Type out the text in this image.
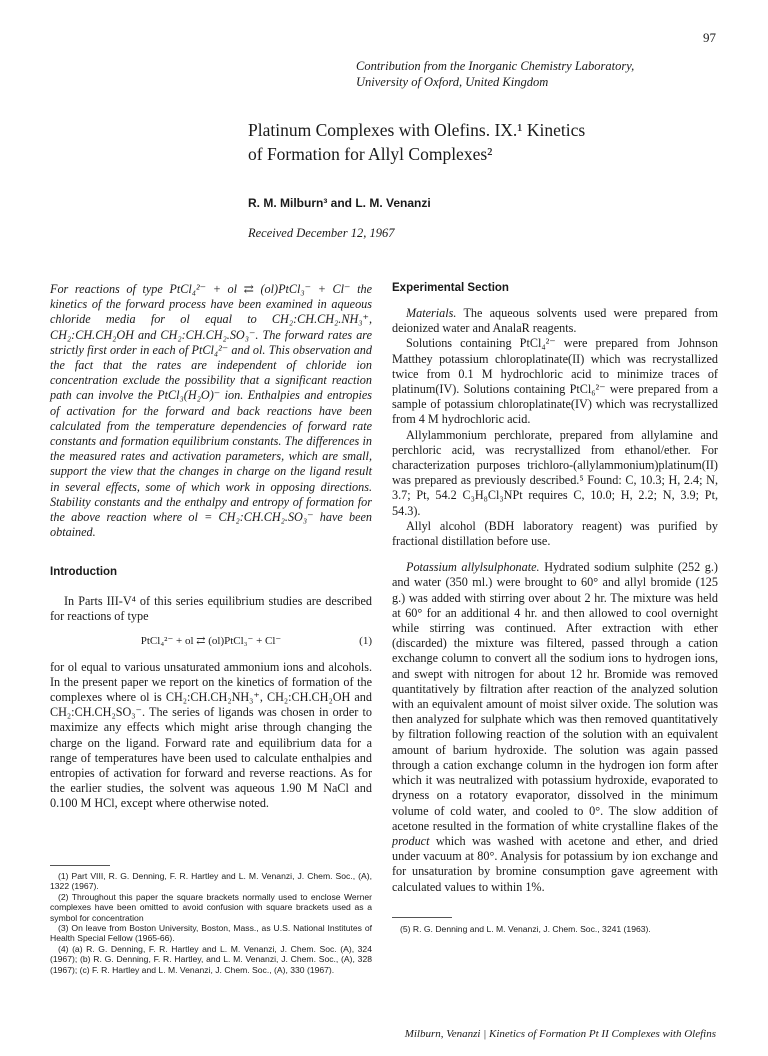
97
Contribution from the Inorganic Chemistry Laboratory,
University of Oxford, United Kingdom
Platinum Complexes with Olefins. IX.¹ Kinetics
of Formation for Allyl Complexes²
R. M. Milburn³ and L. M. Venanzi
Received December 12, 1967

For reactions of type PtCl₄²⁻ + ol ⇄ (ol)PtCl₃⁻ + Cl⁻ the kinetics of the forward process have been examined in aqueous chloride media for ol equal to CH₂:CH.CH₂.NH₃⁺, CH₂:CH.CH₂OH and CH₂:CH.CH₂.SO₃⁻. The forward rates are strictly first order in each of PtCl₄²⁻ and ol. This observation and the fact that the rates are independent of chloride ion concentration exclude the possibility that a significant reaction path can involve the PtCl₃(H₂O)⁻ ion. Enthalpies and entropies of activation for the forward and back reactions have been calculated from the temperature dependencies of forward rate constants and formation equilibrium constants. The differences in the measured rates and activation parameters, which are small, support the view that the changes in charge on the ligand result in several effects, some of which work in opposing directions. Stability constants and the enthalpy and entropy of formation for the above reaction where ol = CH₂:CH.CH₂.SO₃⁻ have been obtained.

Introduction

In Parts III-V⁴ of this series equilibrium studies are described for reactions of type

PtCl₄²⁻ + ol ⇄ (ol)PtCl₃⁻ + Cl⁻	(1)

for ol equal to various unsaturated ammonium ions and alcohols. In the present paper we report on the kinetics of formation of the complexes where ol is CH₂:CH.CH₂NH₃⁺, CH₂:CH.CH₂OH and CH₂:CH.CH₂SO₃⁻. The series of ligands was chosen in order to maximize any effects which might arise through changing the charge on the ligand. Forward rate and equilibrium data for a range of temperatures have been used to calculate enthalpies and entropies of activation for forward and reverse reactions. As for the earlier studies, the solvent was aqueous 1.90 M NaCl and 0.100 M HCl, except where otherwise noted.

(1) Part VIII, R. G. Denning, F. R. Hartley and L. M. Venanzi, J. Chem. Soc., (A), 1322 (1967).

(2) Throughout this paper the square brackets normally used to enclose Werner complexes have been omitted to avoid confusion with square brackets used as a symbol for concentration

(3) On leave from Boston University, Boston, Mass., as U.S. National Institutes of Health Special Fellow (1965-66).

(4) (a) R. G. Denning, F. R. Hartley and L. M. Venanzi, J. Chem. Soc. (A), 324 (1967); (b) R. G. Denning, F. R. Hartley, and L. M. Venanzi, J. Chem. Soc., (A), 328 (1967); (c) F. R. Hartley and L. M. Venanzi, J. Chem. Soc., (A), 330 (1967).

Experimental Section

Materials. The aqueous solvents used were prepared from deionized water and AnalaR reagents.

Solutions containing PtCl₄²⁻ were prepared from Johnson Matthey potassium chloroplatinate(II) which was recrystallized twice from 0.1 M hydrochloric acid to minimize traces of platinum(IV). Solutions containing PtCl₆²⁻ were prepared from a sample of potassium chloroplatinate(IV) which was recrystallized from 4 M hydrochloric acid.

Allylammonium perchlorate, prepared from allylamine and perchloric acid, was recrystallized from ethanol/ether. For characterization purposes trichloro-(allylammonium)platinum(II) was prepared as previously described.⁵ Found: C, 10.3; H, 2.4; N, 3.7; Pt, 54.2 C₃H₈Cl₃NPt requires C, 10.0; H, 2.2; N, 3.9; Pt, 54.3).

Allyl alcohol (BDH laboratory reagent) was purified by fractional distillation before use.

Potassium allylsulphonate. Hydrated sodium sulphite (252 g.) and water (350 ml.) were brought to 60° and allyl bromide (125 g.) was added with stirring over about 2 hr. The mixture was held at 60° for an additional 4 hr. and then allowed to cool overnight while stirring was continued. After extraction with ether (discarded) the mixture was filtered, passed through a cation exchange column to convert all the sodium ions to hydrogen ions, and swept with nitrogen for about 12 hr. Bromide was removed quantitatively by filtration after reaction of the analyzed solution with an equivalent amount of moist silver oxide. The solution was then analyzed for sulphate which was then removed quantitatively by filtration following reaction of the solution with an equivalent amount of barium hydroxide. The solution was again passed through a cation exchange column in the hydrogen ion form after which it was neutralized with potassium hydroxide, evaporated to dryness on a rotatory evaporator, dissolved in the minimum volume of cold water, and cooled to 0°. The slow addition of acetone resulted in the formation of white crystalline flakes of the product which was washed with acetone and ether, and dried under vacuum at 80°. Analysis for potassium by ion exchange and for unsaturation by bromine consumption gave agreement with calculated values to within 1%.

(5) R. G. Denning and L. M. Venanzi, J. Chem. Soc., 3241 (1963).
Milburn, Venanzi | Kinetics of Formation Pt II Complexes with Olefins
